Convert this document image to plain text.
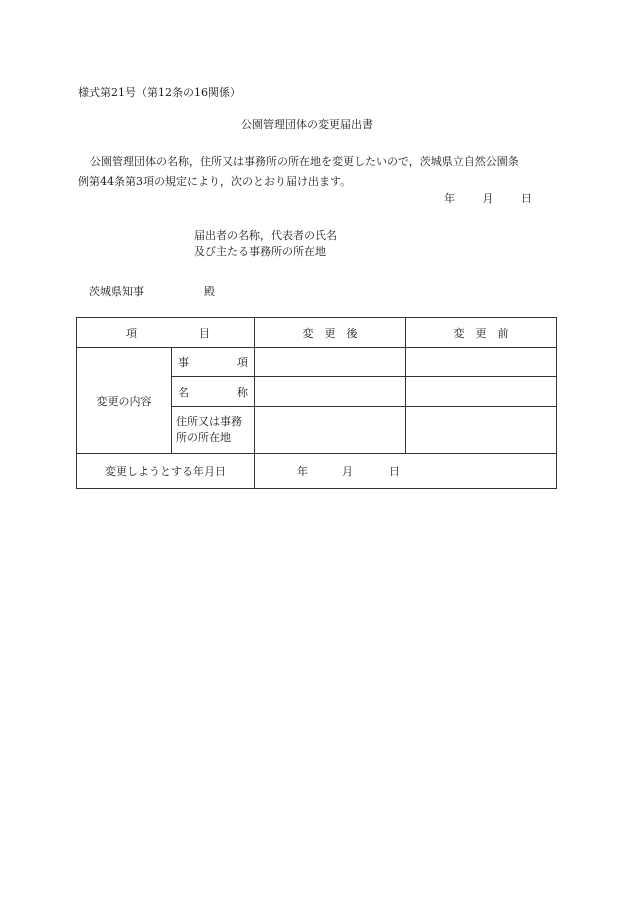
様式第21号（第12条の16関係）
公園管理団体の変更届出書
公園管理団体の名称，住所又は事務所の所在地を変更したいので，茨城県立自然公園条
例第44条第3項の規定により，次のとおり届け出ます。
年	月	日
届出者の名称，代表者の氏名
及び主たる事務所の所在地
茨城県知事	殿
項 目		変　更　後	変　更　前
変更の内容	事 項		

	名 称		

	住所又は事務
所の所在地		

変更しようとする年月日		年 月 日	
